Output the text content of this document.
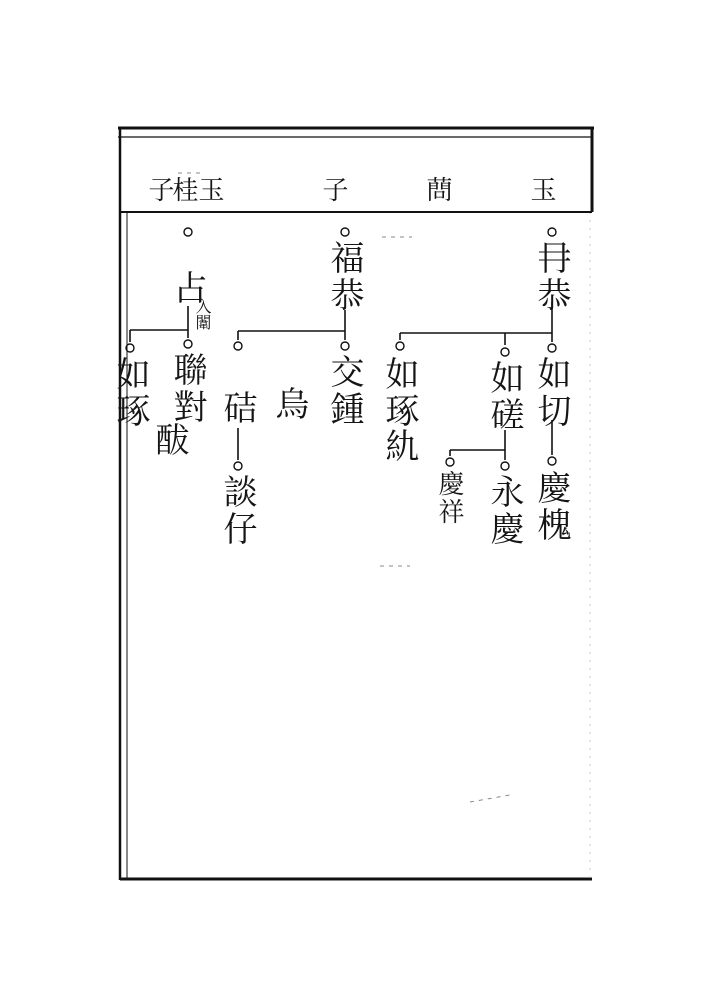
玉
蔄
子
玉
桂
子
冄恭
如切
慶槐
如磋
永慶
慶祥
如琢
䊵
福恭
交鍾
烏
硈
談仔
占
入闈
聯對
䣮
如琢
